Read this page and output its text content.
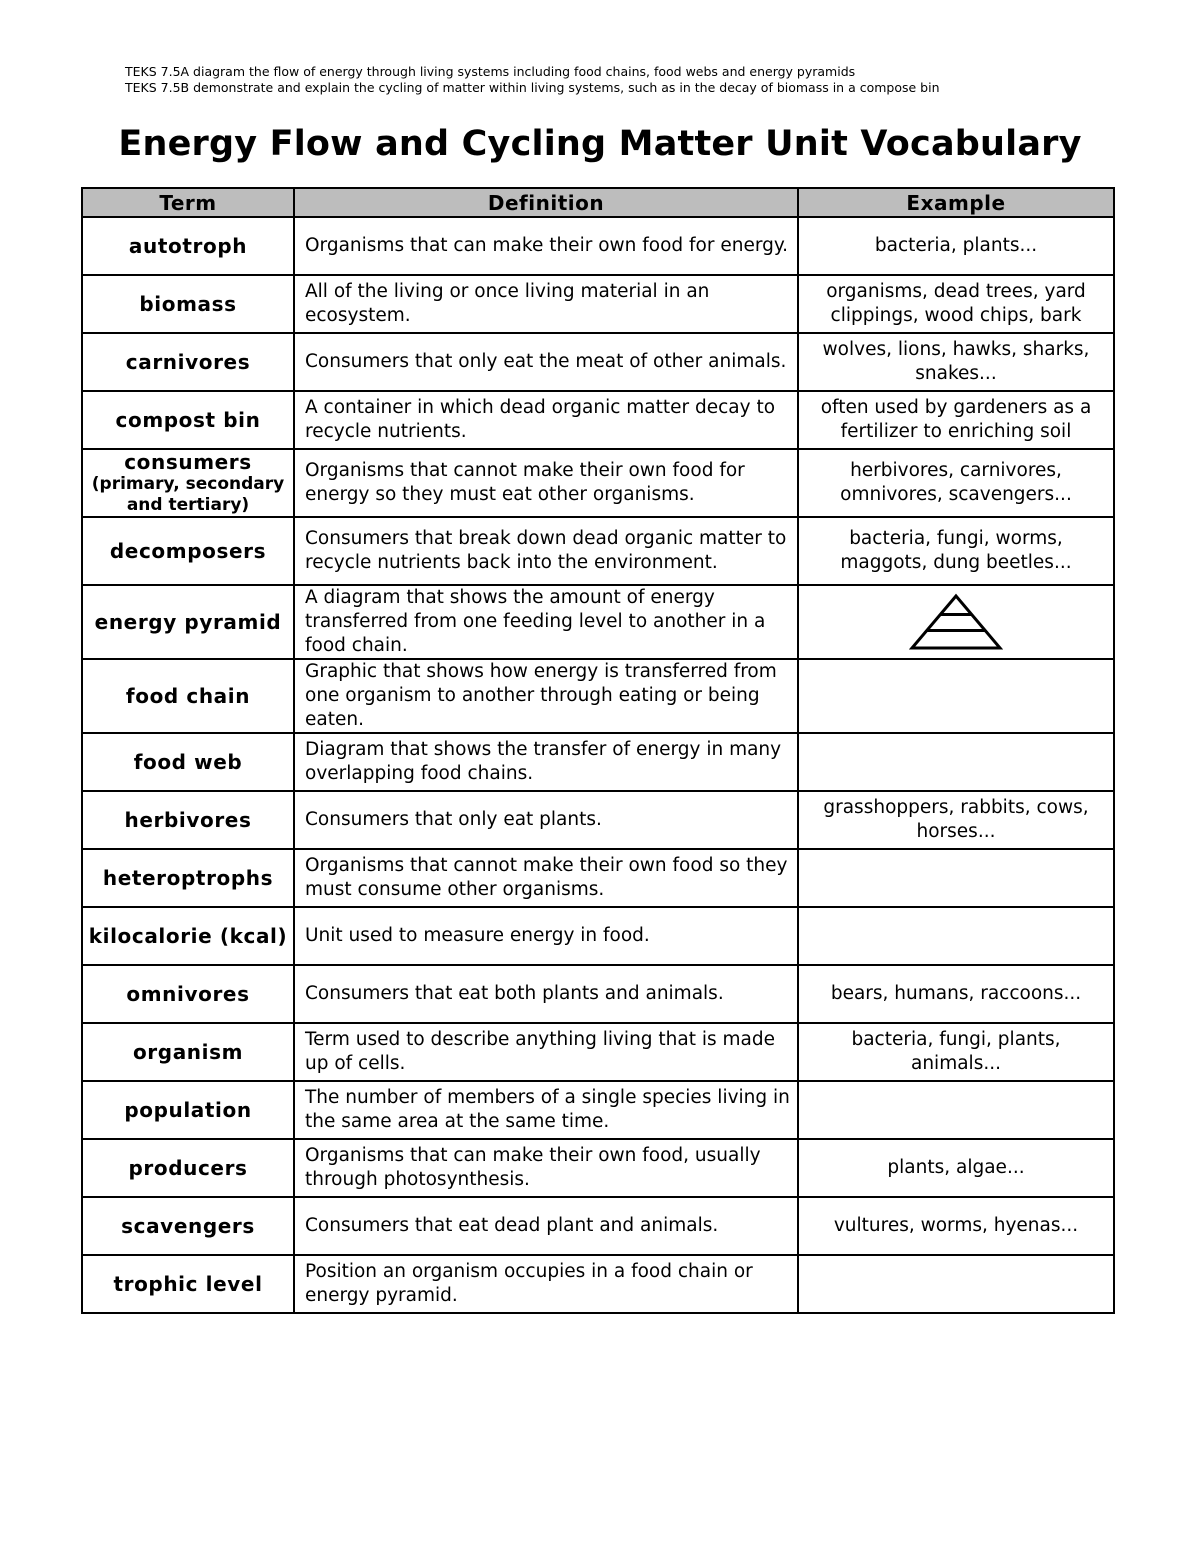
TEKS 7.5A diagram the flow of energy through living systems including food chains, food webs and energy pyramids
TEKS 7.5B demonstrate and explain the cycling of matter within living systems, such as in the decay of biomass in a compose bin
Energy Flow and Cycling Matter Unit Vocabulary
Term	Definition	Example

autotroph	Organisms that can make their own food for energy.	bacteria, plants...

biomass	All of the living or once living material in an ecosystem.	organisms, dead trees, yard clippings, wood chips, bark

carnivores	Consumers that only eat the meat of other animals.	wolves, lions, hawks, sharks, snakes...

compost bin	A container in which dead organic matter decay to recycle nutrients.	often used by gardeners as a fertilizer to enriching soil

consumers
(primary, secondary and tertiary)	Organisms that cannot make their own food for energy so they must eat other organisms.	herbivores, carnivores, omnivores, scavengers...

decomposers	Consumers that break down dead organic matter to recycle nutrients back into the environment.	bacteria, fungi, worms, maggots, dung beetles...

energy pyramid	A diagram that shows the amount of energy transferred from one feeding level to another in a food chain.	

food chain	Graphic that shows how energy is transferred from one organism to another through eating or being eaten.	

food web	Diagram that shows the transfer of energy in many overlapping food chains.	

herbivores	Consumers that only eat plants.	grasshoppers, rabbits, cows, horses...

heteroptrophs	Organisms that cannot make their own food so they must consume other organisms.	

kilocalorie (kcal)	Unit used to measure energy in food.	

omnivores	Consumers that eat both plants and animals.	bears, humans, raccoons...

organism	Term used to describe anything living that is made up of cells.	bacteria, fungi, plants, animals...

population	The number of members of a single species living in the same area at the same time.	

producers	Organisms that can make their own food, usually through photosynthesis.	plants, algae...

scavengers	Consumers that eat dead plant and animals.	vultures, worms, hyenas...

trophic level	Position an organism occupies in a food chain or energy pyramid.	
